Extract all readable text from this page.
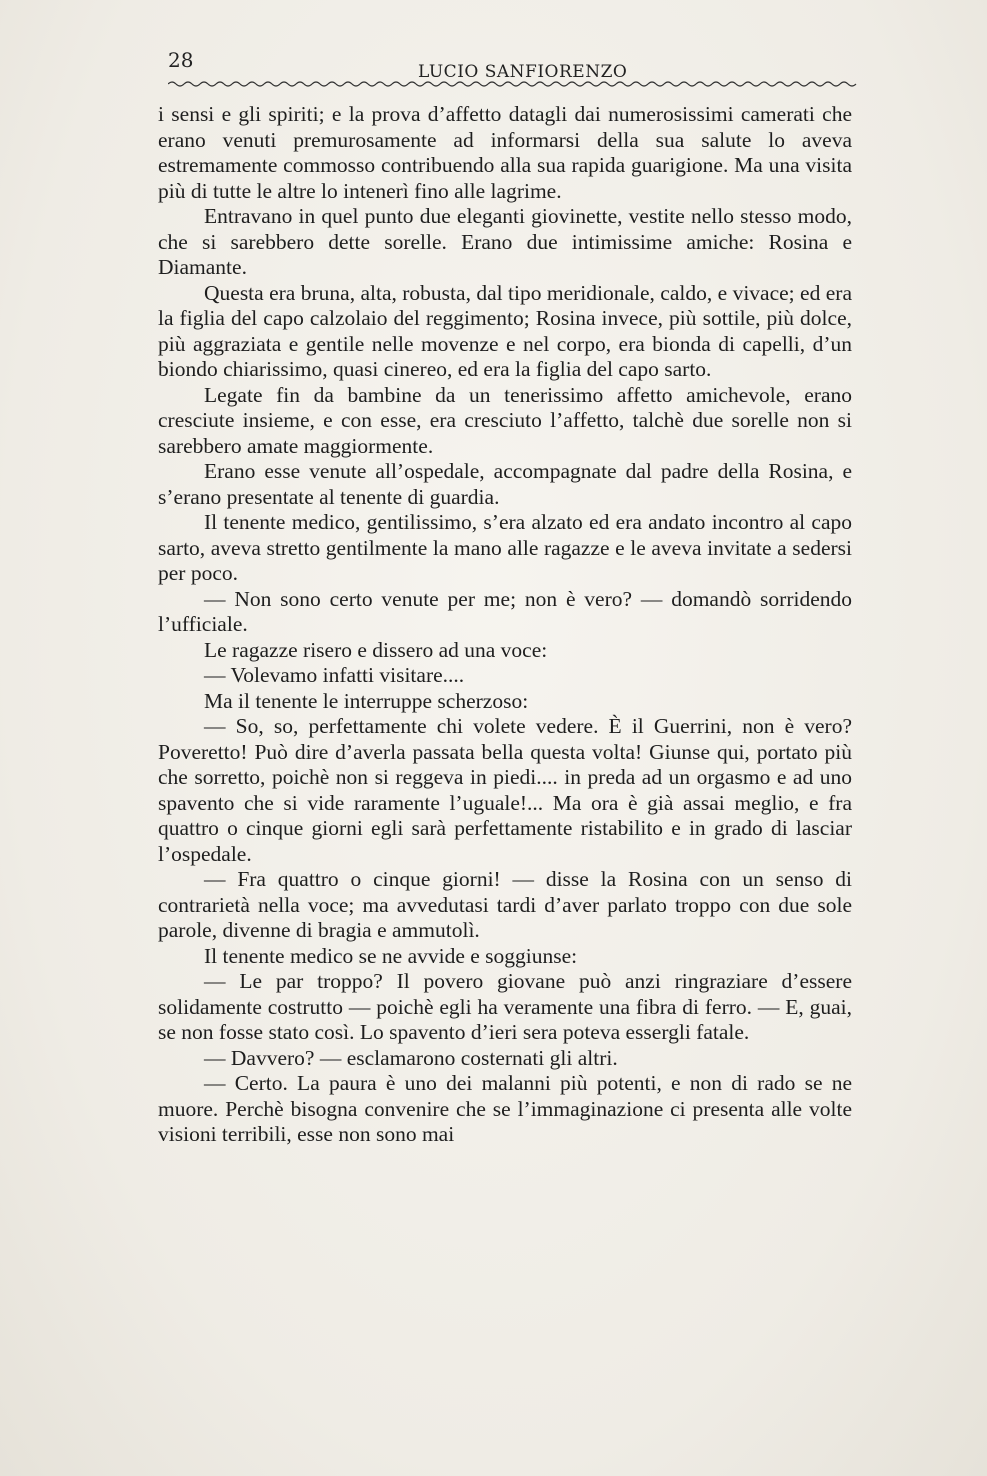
28	LUCIO SANFIORENZO

i sensi e gli spiriti; e la prova d’affetto datagli dai numerosissimi camerati che erano venuti premurosamente ad informarsi della sua salute lo aveva estremamente commosso contribuendo alla sua rapida guarigione. Ma una visita più di tutte le altre lo intenerì fino alle lagrime.

Entravano in quel punto due eleganti giovinette, vestite nello stesso modo, che si sarebbero dette sorelle. Erano due intimissime amiche: Rosina e Diamante.

Questa era bruna, alta, robusta, dal tipo meridionale, caldo, e vivace; ed era la figlia del capo calzolaio del reggimento; Rosina invece, più sottile, più dolce, più aggraziata e gentile nelle movenze e nel corpo, era bionda di capelli, d’un biondo chiarissimo, quasi cinereo, ed era la figlia del capo sarto.

Legate fin da bambine da un tenerissimo affetto amichevole, erano cresciute insieme, e con esse, era cresciuto l’affetto, talchè due sorelle non si sarebbero amate maggiormente.

Erano esse venute all’ospedale, accompagnate dal padre della Rosina, e s’erano presentate al tenente di guardia.

Il tenente medico, gentilissimo, s’era alzato ed era andato incontro al capo sarto, aveva stretto gentilmente la mano alle ragazze e le aveva invitate a sedersi per poco.

— Non sono certo venute per me; non è vero? — domandò sorridendo l’ufficiale.

Le ragazze risero e dissero ad una voce:

— Volevamo infatti visitare....

Ma il tenente le interruppe scherzoso:

— So, so, perfettamente chi volete vedere. È il Guerrini, non è vero? Poveretto! Può dire d’averla passata bella questa volta! Giunse qui, portato più che sorretto, poichè non si reggeva in piedi.... in preda ad un orgasmo e ad uno spavento che si vide raramente l’uguale!... Ma ora è già assai meglio, e fra quattro o cinque giorni egli sarà perfettamente ristabilito e in grado di lasciar l’ospedale.

— Fra quattro o cinque giorni! — disse la Rosina con un senso di contrarietà nella voce; ma avvedutasi tardi d’aver parlato troppo con due sole parole, divenne di bragia e ammutolì.

Il tenente medico se ne avvide e soggiunse:

— Le par troppo? Il povero giovane può anzi ringraziare d’essere solidamente costrutto — poichè egli ha veramente una fibra di ferro. — E, guai, se non fosse stato così. Lo spavento d’ieri sera poteva essergli fatale.

— Davvero? — esclamarono costernati gli altri.

— Certo. La paura è uno dei malanni più potenti, e non di rado se ne muore. Perchè bisogna convenire che se l’immaginazione ci presenta alle volte visioni terribili, esse non sono mai
